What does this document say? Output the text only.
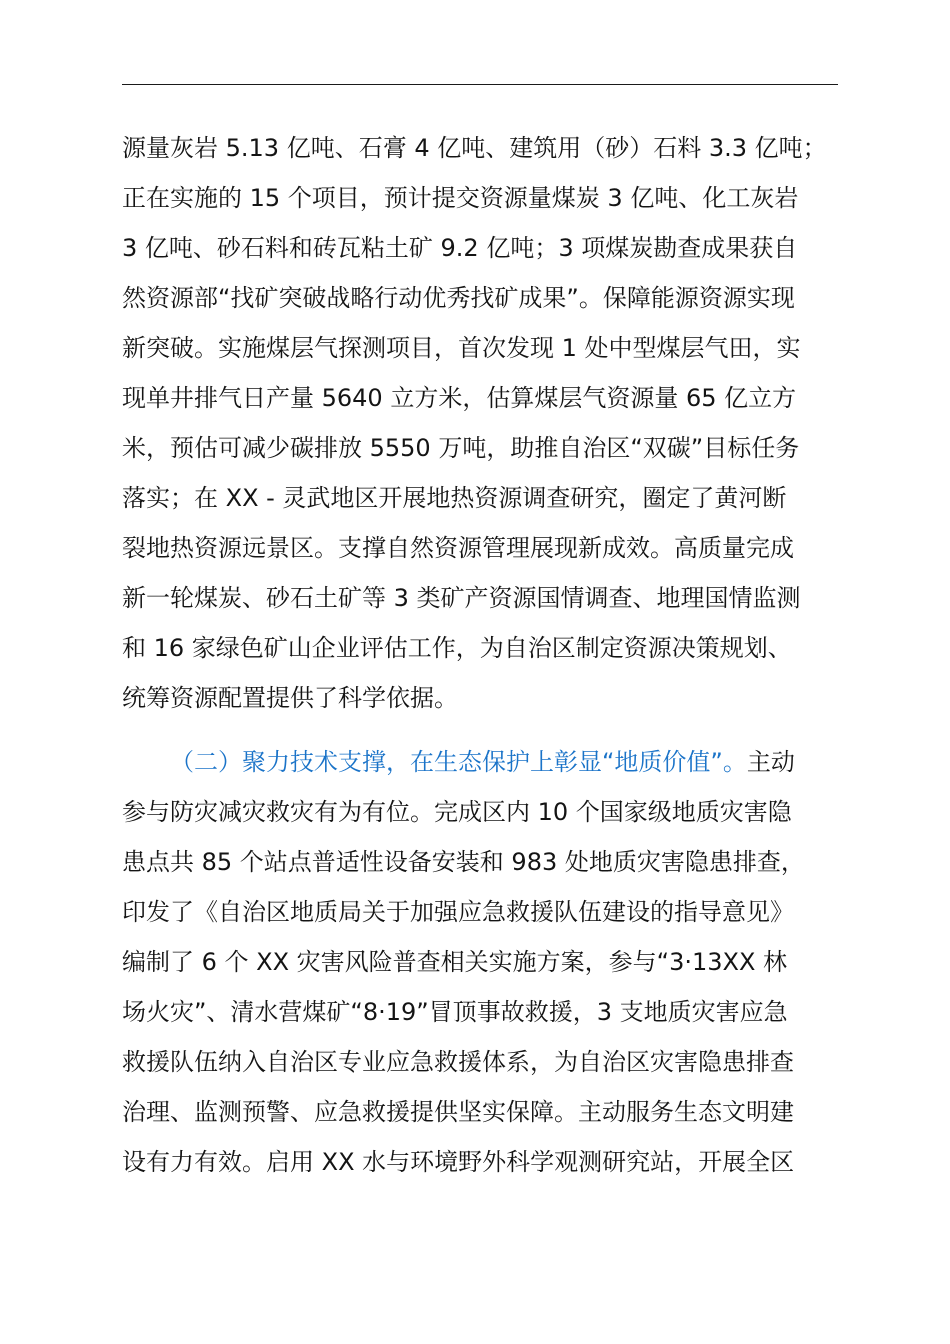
源量灰岩 5.13 亿吨、石膏 4 亿吨、建筑用（砂）石料 3.3 亿吨；
正在实施的 15 个项目，预计提交资源量煤炭 3 亿吨、化工灰岩
3 亿吨、砂石料和砖瓦粘土矿 9.2 亿吨；3 项煤炭勘查成果获自
然资源部“找矿突破战略行动优秀找矿成果”。保障能源资源实现
新突破。实施煤层气探测项目，首次发现 1 处中型煤层气田，实
现单井排气日产量 5640 立方米，估算煤层气资源量 65 亿立方
米，预估可减少碳排放 5550 万吨，助推自治区“双碳”目标任务
落实；在 XX - 灵武地区开展地热资源调查研究，圈定了黄河断
裂地热资源远景区。支撑自然资源管理展现新成效。高质量完成
新一轮煤炭、砂石土矿等 3 类矿产资源国情调查、地理国情监测
和 16 家绿色矿山企业评估工作，为自治区制定资源决策规划、
统筹资源配置提供了科学依据。
（二）聚力技术支撑，在生态保护上彰显“地质价值”。主动
参与防灾减灾救灾有为有位。完成区内 10 个国家级地质灾害隐
患点共 85 个站点普适性设备安装和 983 处地质灾害隐患排查，
印发了《自治区地质局关于加强应急救援队伍建设的指导意见》
编制了 6 个 XX 灾害风险普查相关实施方案，参与“3·13XX 林
场火灾”、清水营煤矿“8·19”冒顶事故救援，3 支地质灾害应急
救援队伍纳入自治区专业应急救援体系，为自治区灾害隐患排查
治理、监测预警、应急救援提供坚实保障。主动服务生态文明建
设有力有效。启用 XX 水与环境野外科学观测研究站，开展全区
